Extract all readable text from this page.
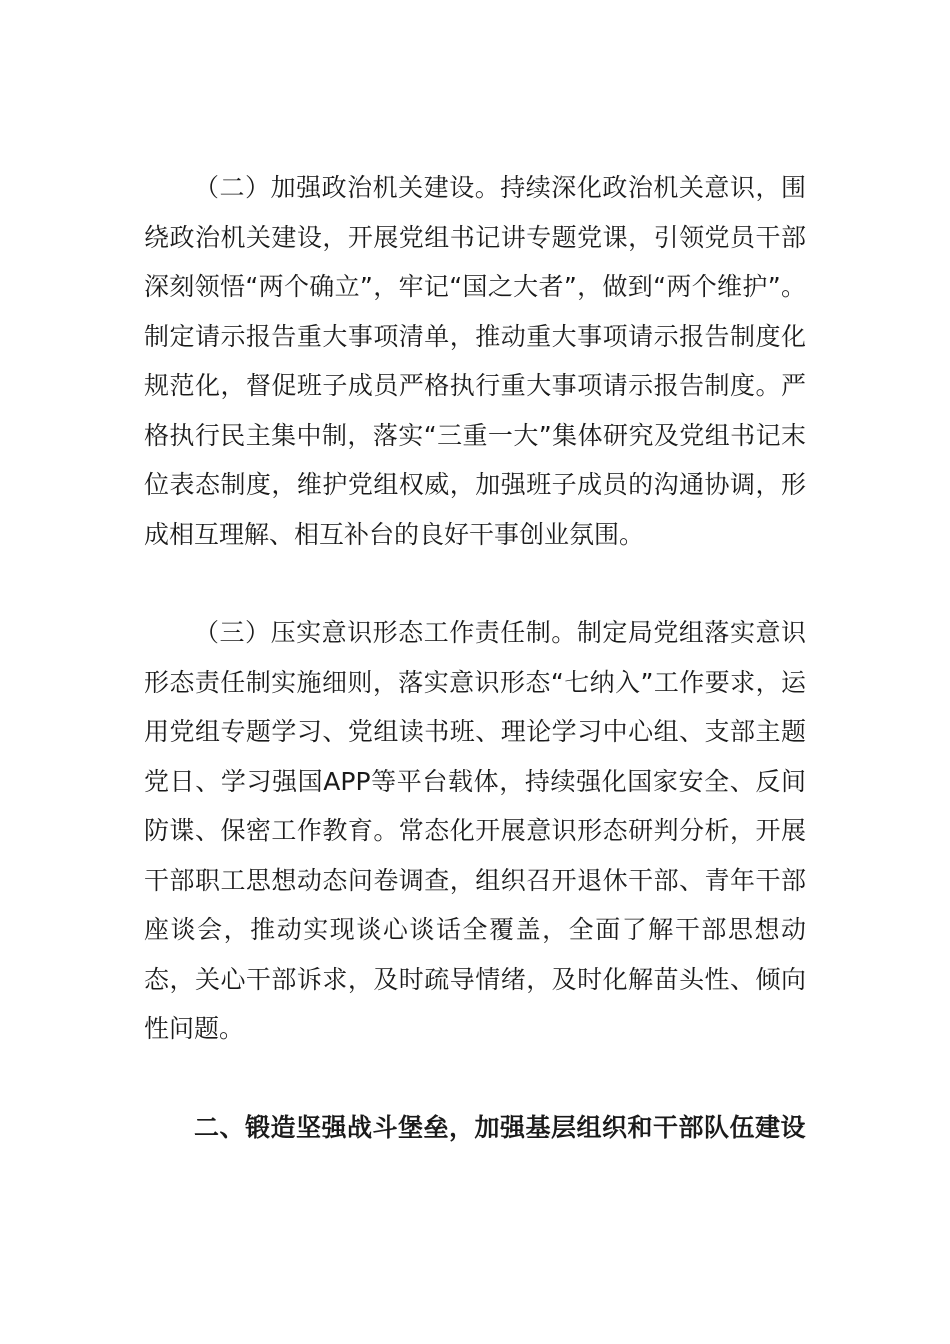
（二）加强政治机关建设。持续深化政治机关意识，围绕政治机关建设，开展党组书记讲专题党课，引领党员干部深刻领悟“两个确立”，牢记“国之大者”，做到“两个维护”。制定请示报告重大事项清单，推动重大事项请示报告制度化规范化，督促班子成员严格执行重大事项请示报告制度。严格执行民主集中制，落实“三重一大”集体研究及党组书记末位表态制度，维护党组权威，加强班子成员的沟通协调，形成相互理解、相互补台的良好干事创业氛围。

（三）压实意识形态工作责任制。制定局党组落实意识形态责任制实施细则，落实意识形态“七纳入”工作要求，运用党组专题学习、党组读书班、理论学习中心组、支部主题党日、学习强国APP等平台载体，持续强化国家安全、反间防谍、保密工作教育。常态化开展意识形态研判分析，开展干部职工思想动态问卷调查，组织召开退休干部、青年干部座谈会，推动实现谈心谈话全覆盖，全面了解干部思想动态，关心干部诉求，及时疏导情绪，及时化解苗头性、倾向性问题。

二、锻造坚强战斗堡垒，加强基层组织和干部队伍建设
